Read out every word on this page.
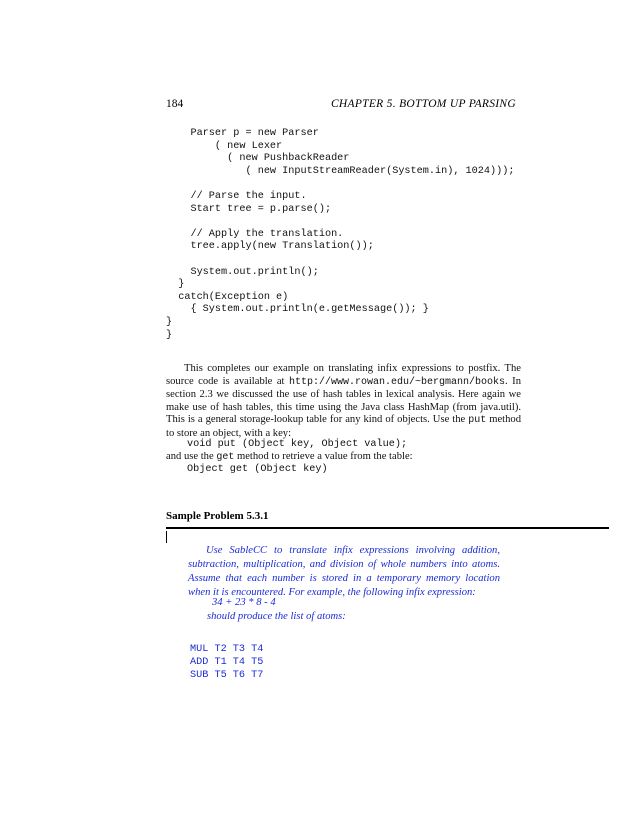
184	CHAPTER 5. BOTTOM UP PARSING
Parser p = new Parser
( new Lexer
( new PushbackReader
( new InputStreamReader(System.in), 1024)));
// Parse the input.
Start tree = p.parse();
// Apply the translation.
tree.apply(new Translation());
System.out.println();
}
catch(Exception e)
{ System.out.println(e.getMessage()); }
}
}

This completes our example on translating infix expressions to postfix. The source code is available at http://www.rowan.edu/~bergmann/books. In section 2.3 we discussed the use of hash tables in lexical analysis. Here again we make use of hash tables, this time using the Java class HashMap (from java.util). This is a general storage-lookup table for any kind of objects. Use the put method to store an object, with a key:

void put (Object key, Object value);
and use the get method to retrieve a value from the table:
Object get (Object key)
Sample Problem 5.3.1

Use SableCC to translate infix expressions involving addition, subtraction, multiplication, and division of whole numbers into atoms. Assume that each number is stored in a temporary memory location when it is encountered. For example, the following infix expression:

34 + 23 * 8 - 4
should produce the list of atoms:
MUL T2 T3 T4
ADD T1 T4 T5
SUB T5 T6 T7
